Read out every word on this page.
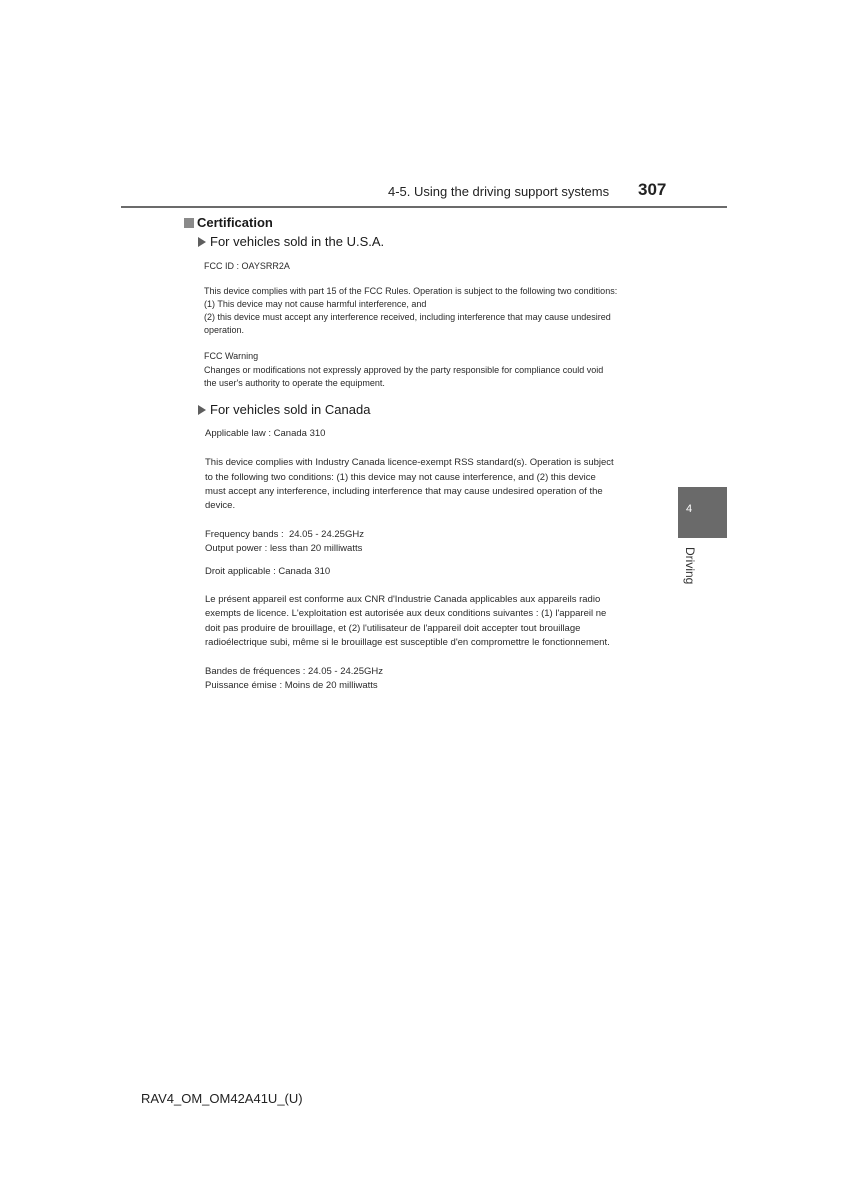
4-5. Using the driving support systems 307
Certification
For vehicles sold in the U.S.A.
FCC ID : OAYSRR2A
This device complies with part 15 of the FCC Rules. Operation is subject to the following two conditions:
(1) This device may not cause harmful interference, and
(2) this device must accept any interference received, including interference that may cause undesired
operation.
FCC Warning
Changes or modifications not expressly approved by the party responsible for compliance could void
the user's authority to operate the equipment.
For vehicles sold in Canada
Applicable law : Canada 310
This device complies with Industry Canada licence-exempt RSS standard(s). Operation is subject
to the following two conditions: (1) this device may not cause interference, and (2) this device
must accept any interference, including interference that may cause undesired operation of the
device.
Frequency bands :  24.05 - 24.25GHz
Output power : less than 20 milliwatts
Droit applicable : Canada 310
Le présent appareil est conforme aux CNR d'Industrie Canada applicables aux appareils radio
exempts de licence. L'exploitation est autorisée aux deux conditions suivantes : (1) l'appareil ne
doit pas produire de brouillage, et (2) l'utilisateur de l'appareil doit accepter tout brouillage
radioélectrique subi, même si le brouillage est susceptible d'en compromettre le fonctionnement.
Bandes de fréquences : 24.05 - 24.25GHz
Puissance émise : Moins de 20 milliwatts
4
Driving
RAV4_OM_OM42A41U_(U)
